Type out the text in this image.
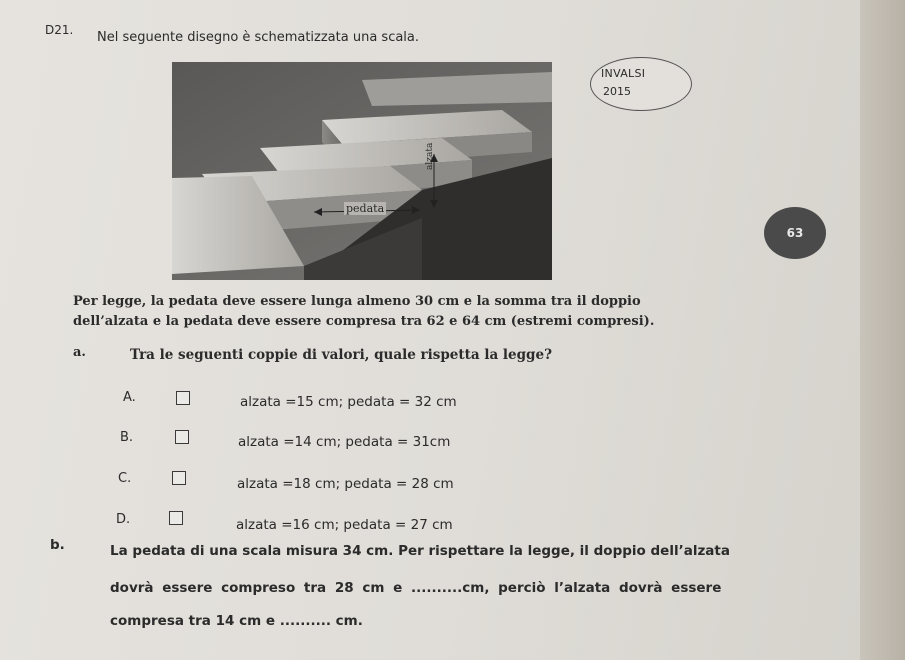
D21. Nel seguente disegno è schematizzata una scala.
pedata
alzata
INVALSI
2015
63
Per legge, la pedata deve essere lunga almeno 30 cm e la somma tra il doppio
dell’alzata e la pedata deve essere compresa tra 62 e 64 cm (estremi compresi).
a.	Tra le seguenti coppie di valori, quale rispetta la legge?
A.	alzata =15 cm; pedata = 32 cm
B.	alzata =14 cm; pedata = 31cm
C.	alzata =18 cm; pedata = 28 cm
D.	alzata =16 cm; pedata = 27 cm
b.	La pedata di una scala misura 34 cm. Per rispettare la legge, il doppio dell’alzata
dovrà essere compreso tra 28 cm e ..........cm, perciò l’alzata dovrà essere
compresa tra 14 cm e .......... cm.
